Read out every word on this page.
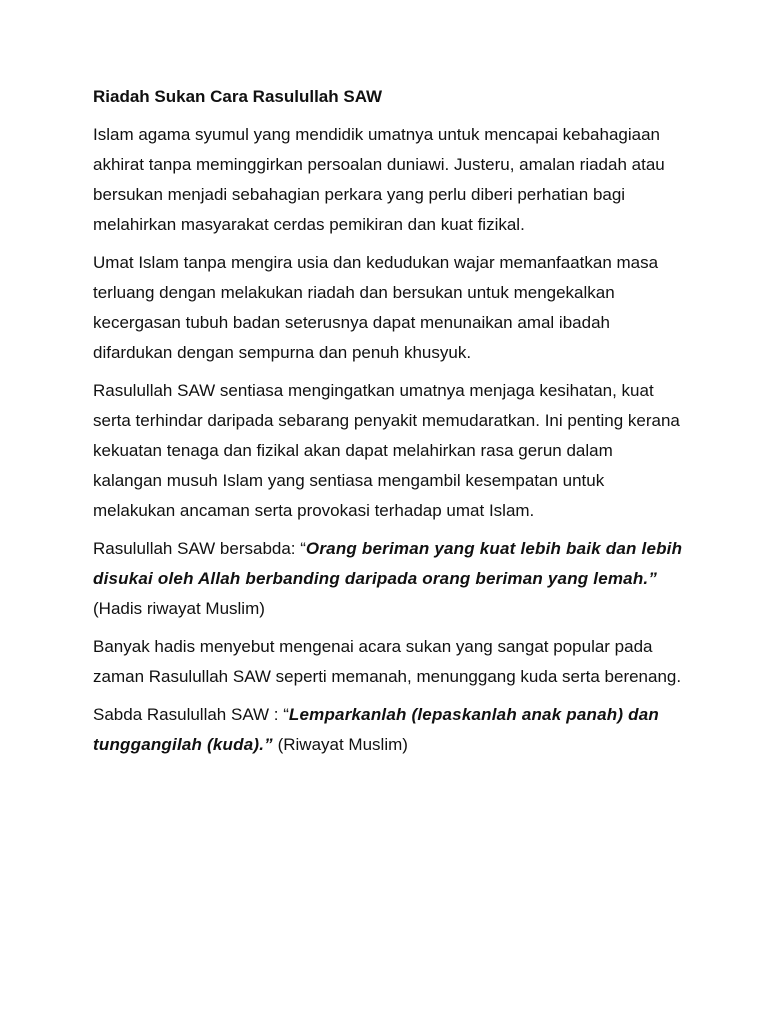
Riadah Sukan Cara Rasulullah SAW

Islam agama syumul yang mendidik umatnya untuk mencapai kebahagiaan akhirat tanpa meminggirkan persoalan duniawi. Justeru, amalan riadah atau bersukan menjadi sebahagian perkara yang perlu diberi perhatian bagi melahirkan masyarakat cerdas pemikiran dan kuat fizikal.

Umat Islam tanpa mengira usia dan kedudukan wajar memanfaatkan masa terluang dengan melakukan riadah dan bersukan untuk mengekalkan kecergasan tubuh badan seterusnya dapat menunaikan amal ibadah difardukan dengan sempurna dan penuh khusyuk.

Rasulullah SAW sentiasa mengingatkan umatnya menjaga kesihatan, kuat serta terhindar daripada sebarang penyakit memudaratkan. Ini penting kerana kekuatan tenaga dan fizikal akan dapat melahirkan rasa gerun dalam kalangan musuh Islam yang sentiasa mengambil kesempatan untuk melakukan ancaman serta provokasi terhadap umat Islam.

Rasulullah SAW bersabda: “Orang beriman yang kuat lebih baik dan lebih disukai oleh Allah berbanding daripada orang beriman yang lemah.” (Hadis riwayat Muslim)

Banyak hadis menyebut mengenai acara sukan yang sangat popular pada zaman Rasulullah SAW seperti memanah, menunggang kuda serta berenang.

Sabda Rasulullah SAW : “Lemparkanlah (lepaskanlah anak panah) dan tunggangilah (kuda).” (Riwayat Muslim)
